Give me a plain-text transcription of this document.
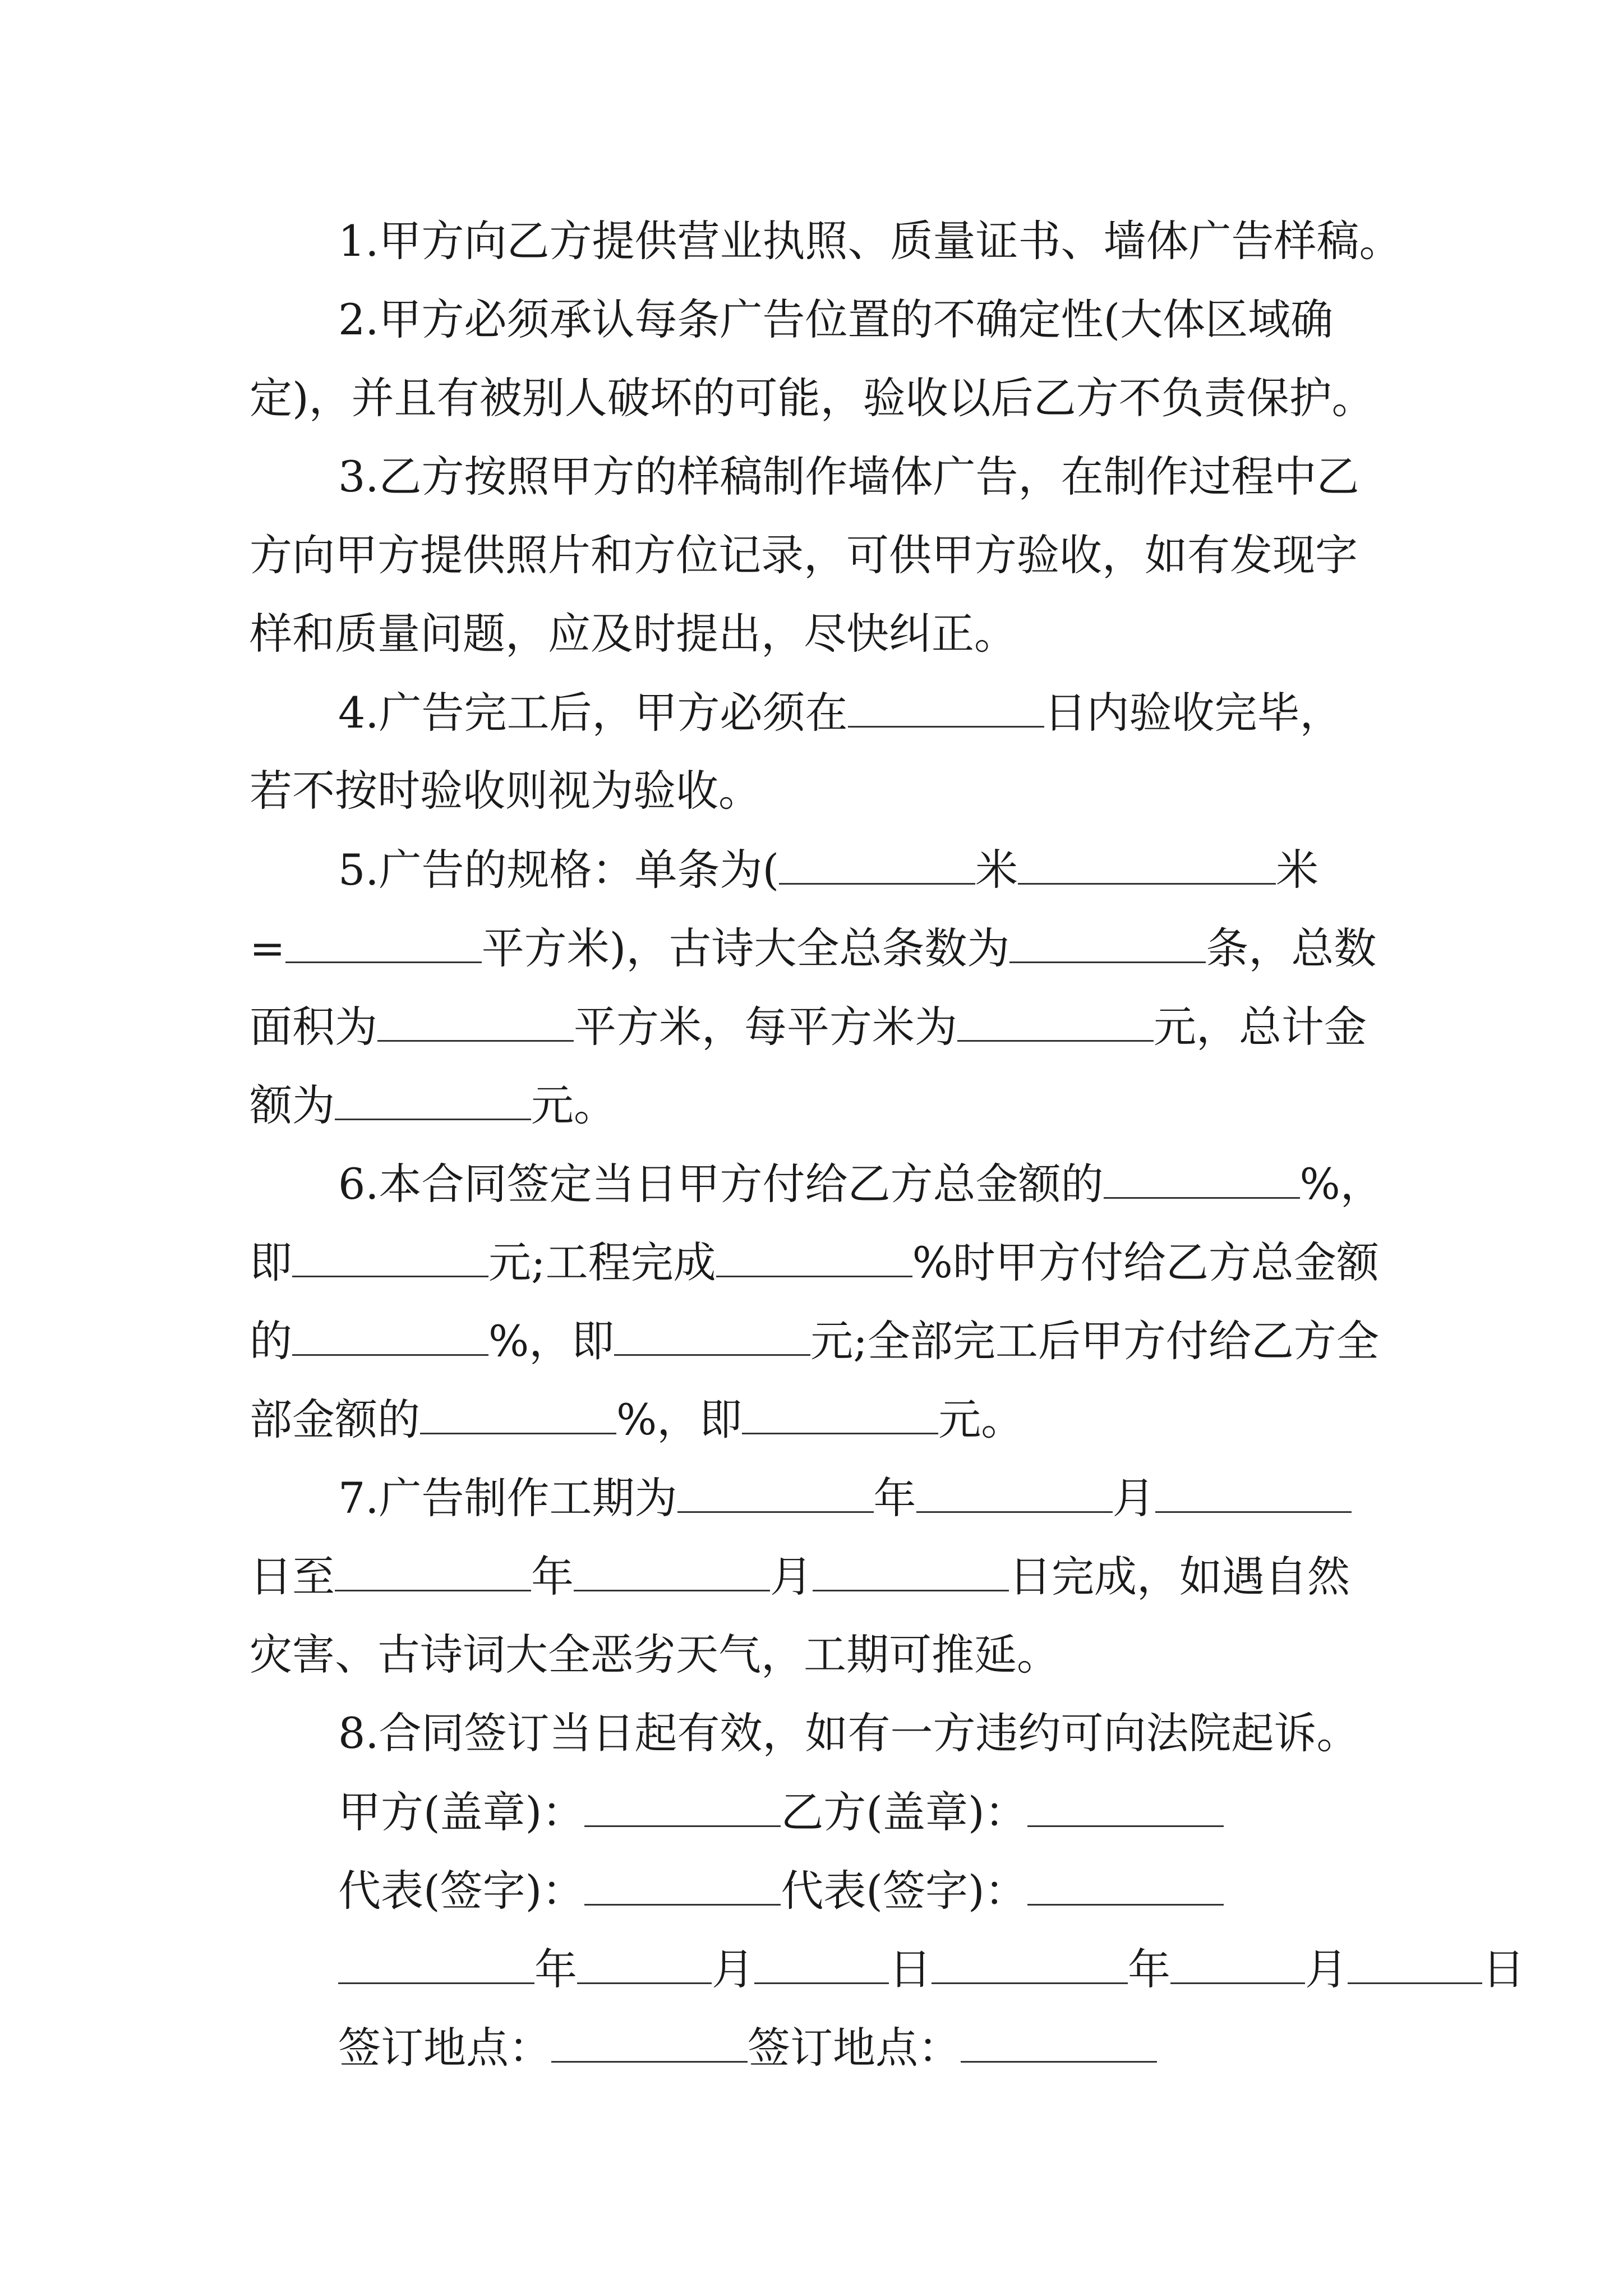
1.甲方向乙方提供营业执照、质量证书、墙体广告样稿。
2.甲方必须承认每条广告位置的不确定性(大体区域确
定)，并且有被别人破坏的可能，验收以后乙方不负责保护。
3.乙方按照甲方的样稿制作墙体广告，在制作过程中乙
方向甲方提供照片和方位记录，可供甲方验收，如有发现字
样和质量问题，应及时提出，尽快纠正。
4.广告完工后，甲方必须在	日内验收完毕，
若不按时验收则视为验收。
5.广告的规格：单条为(	米	米
=	平方米)，古诗大全总条数为	条，总数
面积为	平方米，每平方米为	元，总计金
额为	元。
6.本合同签定当日甲方付给乙方总金额的	%，
即	元;工程完成	%时甲方付给乙方总金额
的	%，即	元;全部完工后甲方付给乙方全
部金额的	%，即	元。
7.广告制作工期为	年	月
日至	年	月	日完成，如遇自然
灾害、古诗词大全恶劣天气，工期可推延。
8.合同签订当日起有效，如有一方违约可向法院起诉。
甲方(盖章)：	乙方(盖章)：
代表(签字)：	代表(签字)：
年	月	日	年	月	日
签订地点：	签订地点：
